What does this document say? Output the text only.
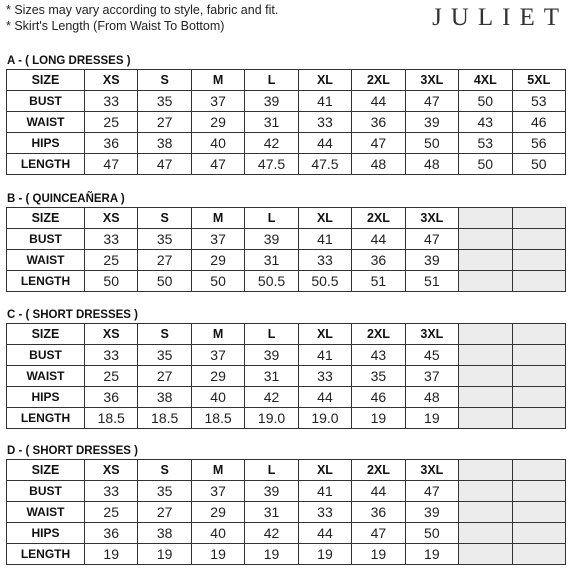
* Sizes may vary according to style, fabric and fit.
* Skirt's Length (From Waist To Bottom)	JULIET
A - ( LONG DRESSES )
SIZE	XS	S	M	L	XL	2XL	3XL	4XL	5XL
BUST	33	35	37	39	41	44	47	50	53
WAIST	25	27	29	31	33	36	39	43	46
HIPS	36	38	40	42	44	47	50	53	56
LENGTH	47	47	47	47.5	47.5	48	48	50	50
B - ( QUINCEAÑERA )
SIZE	XS	S	M	L	XL	2XL	3XL		
BUST	33	35	37	39	41	44	47		
WAIST	25	27	29	31	33	36	39		
LENGTH	50	50	50	50.5	50.5	51	51		
C - ( SHORT DRESSES )
SIZE	XS	S	M	L	XL	2XL	3XL		
BUST	33	35	37	39	41	43	45		
WAIST	25	27	29	31	33	35	37		
HIPS	36	38	40	42	44	46	48		
LENGTH	18.5	18.5	18.5	19.0	19.0	19	19		
D - ( SHORT DRESSES )
SIZE	XS	S	M	L	XL	2XL	3XL		
BUST	33	35	37	39	41	44	47		
WAIST	25	27	29	31	33	36	39		
HIPS	36	38	40	42	44	47	50		
LENGTH	19	19	19	19	19	19	19		
